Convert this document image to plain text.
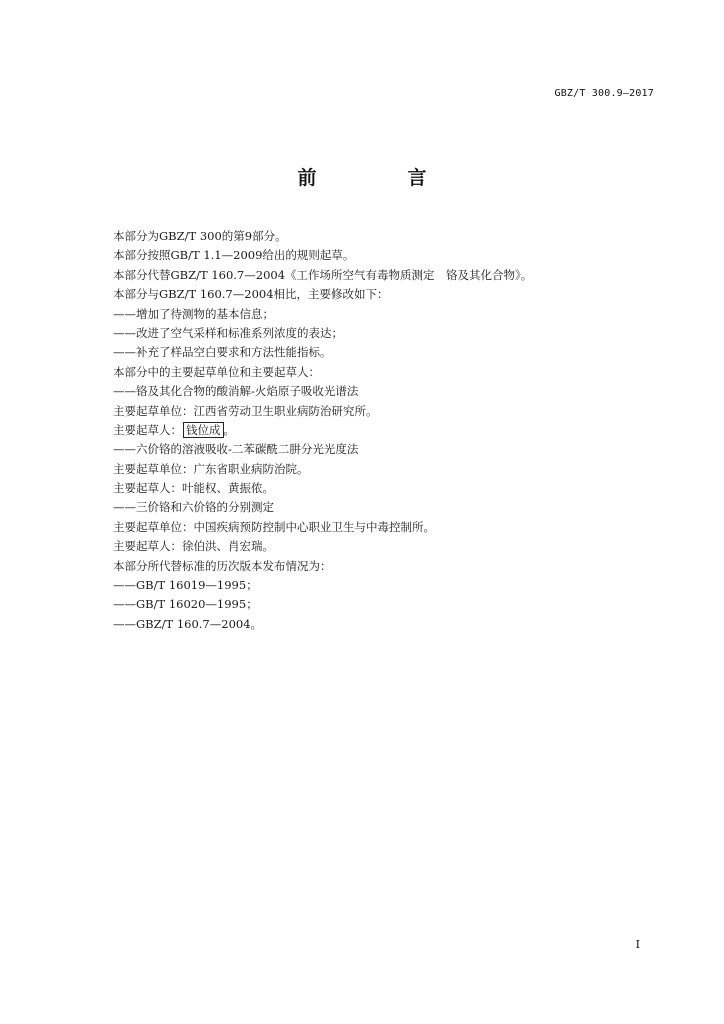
GBZ/T 300.9—2017
前　言
本部分为GBZ/T 300的第9部分。
本部分按照GB/T 1.1—2009给出的规则起草。
本部分代替GBZ/T 160.7—2004《工作场所空气有毒物质测定　铬及其化合物》。
本部分与GBZ/T 160.7—2004相比，主要修改如下：
——增加了待测物的基本信息；
——改进了空气采样和标准系列浓度的表达；
——补充了样品空白要求和方法性能指标。
本部分中的主要起草单位和主要起草人：
——铬及其化合物的酸消解-火焰原子吸收光谱法
主要起草单位：江西省劳动卫生职业病防治研究所。
主要起草人： 钱位成 。
——六价铬的溶液吸收-二苯碳酰二肼分光光度法
主要起草单位：广东省职业病防治院。
主要起草人：叶能权、黄振侬。
——三价铬和六价铬的分别测定
主要起草单位：中国疾病预防控制中心职业卫生与中毒控制所。
主要起草人：徐伯洪、肖宏瑞。
本部分所代替标准的历次版本发布情况为：
——GB/T 16019—1995；
——GB/T 16020—1995；
——GBZ/T 160.7—2004。
I
